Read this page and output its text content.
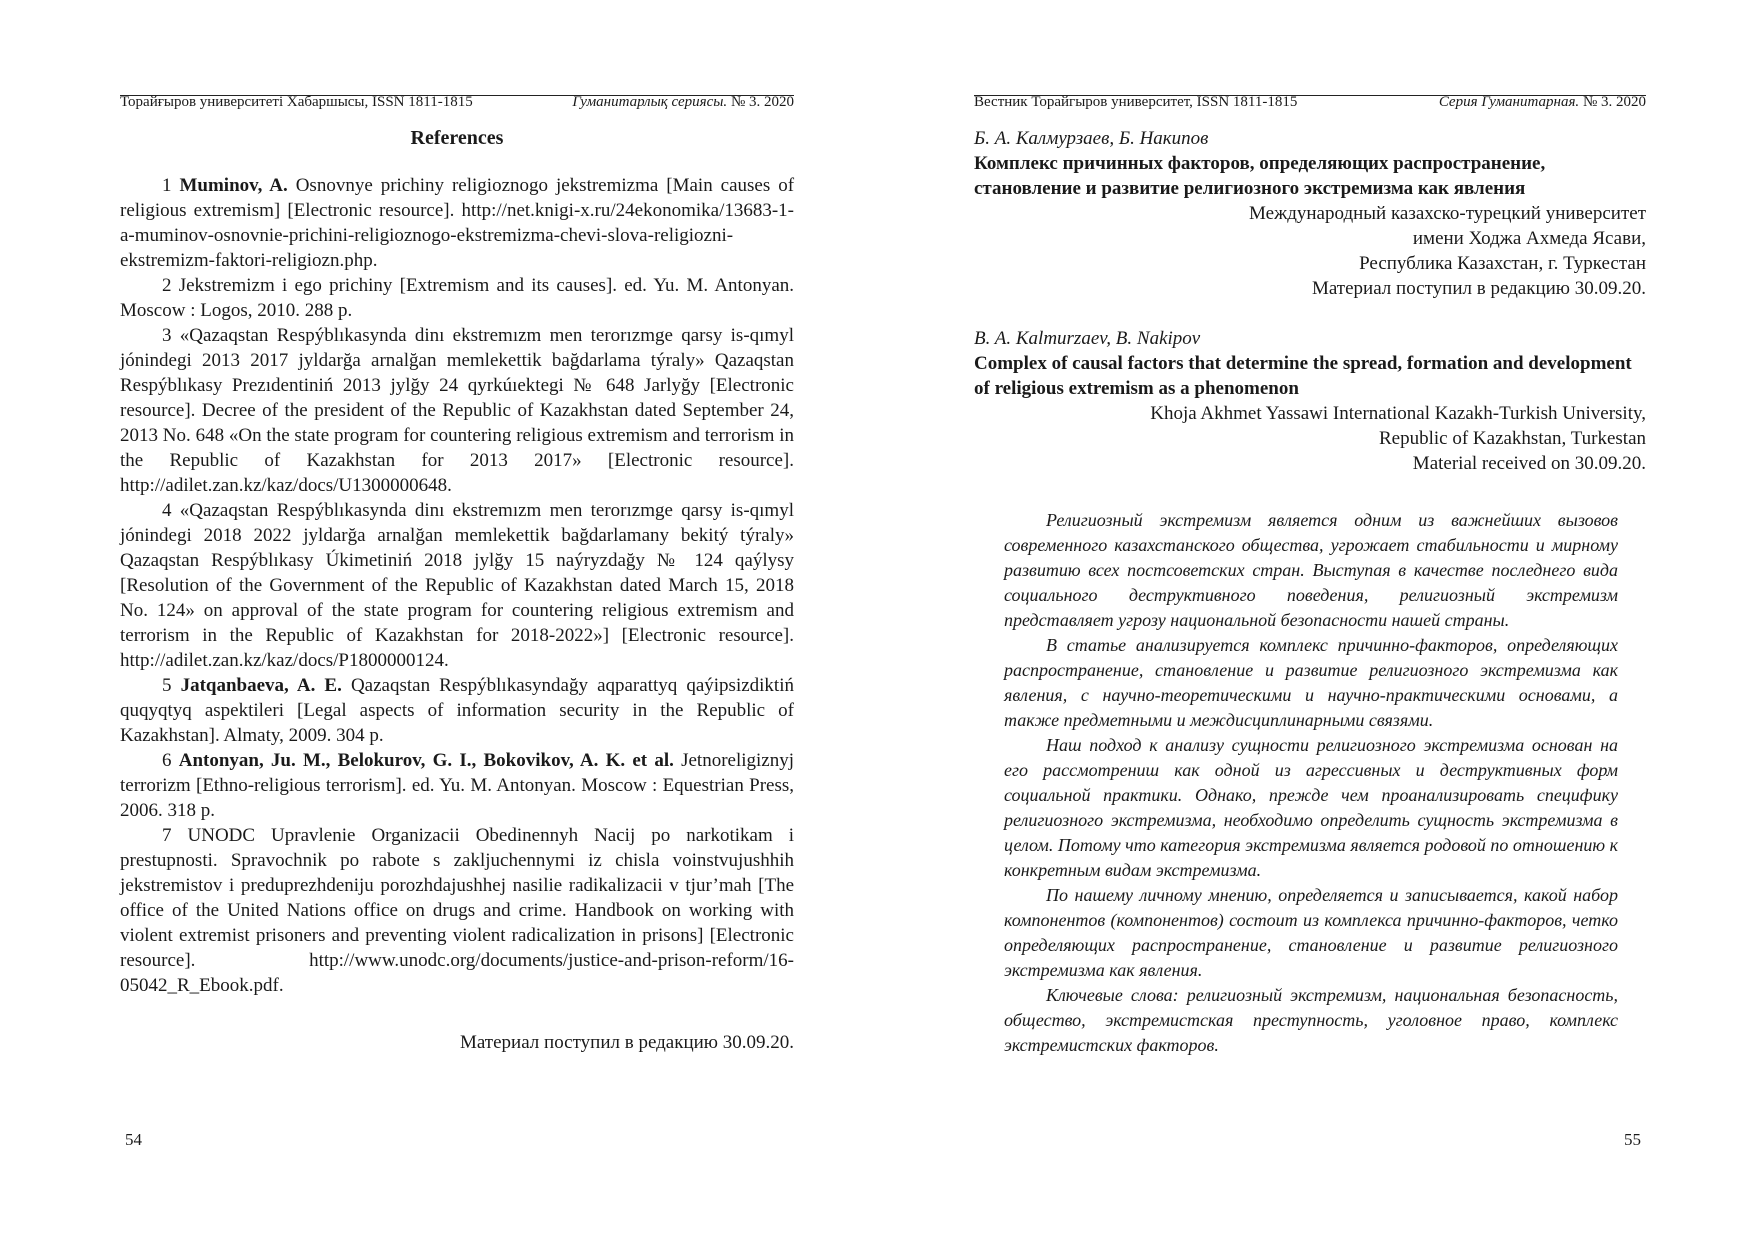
Торайғыров университетi Хабаршысы, ISSN 1811-1815	Гуманитарлық сериясы. № 3. 2020
References

1 Muminov, A. Osnovnye prichiny religioznogo jekstremizma [Main causes of religious extremism] [Electronic resource]. http://net.knigi-x.ru/24ekonomika/13683-1-a-muminov-osnovnie-prichini-religioznogo-ekstremizma-chevi-slova-religiozni-ekstremizm-faktori-religiozn.php.

2 Jekstremizm i ego prichiny [Extremism and its causes]. ed. Yu. M. Antonyan. Moscow : Logos, 2010. 288 p.

3 «Qazaqstan Respýblıkasynda dinı ekstremızm men terorızmge qarsy is-qımyl jónindegі 2013 2017 jyldarğa arnalğan memlekettik bağdarlama týraly» Qazaqstan Respýblıkasy Prezıdentiniń 2013 jylğy 24 qyrkúıektegі № 648 Jarlyğy [Electronic resource]. Decree of the president of the Republic of Kazakhstan dated September 24, 2013 No. 648 «On the state program for countering religious extremism and terrorism in the Republic of Kazakhstan for 2013 2017» [Electronic resource]. http://adilet.zan.kz/kaz/docs/U1300000648.

4 «Qazaqstan Respýblıkasynda dinı ekstremızm men terorızmge qarsy is-qımyl jónindegі 2018 2022 jyldarğa arnalğan memlekettik bağdarlamany bekitý týraly» Qazaqstan Respýblıkasy Úkimetiniń 2018 jylğy 15 naýryzdağy № 124 qaýlysy [Resolution of the Government of the Republic of Kazakhstan dated March 15, 2018 No. 124» on approval of the state program for countering religious extremism and terrorism in the Republic of Kazakhstan for 2018-2022»] [Electronic resource]. http://adilet.zan.kz/kaz/docs/P1800000124.

5 Jatqanbaeva, A. E. Qazaqstan Respýblıkasyndağy aqparattyq qaýipsizdiktiń quqyqtyq aspektileri [Legal aspects of information security in the Republic of Kazakhstan]. Almaty, 2009. 304 p.

6 Antonyan, Ju. M., Belokurov, G. I., Bokovikov, A. K. et al. Jetnoreligiznyj terrorizm [Ethno-religious terrorism]. ed. Yu. M. Antonyan. Moscow : Equestrian Press, 2006. 318 p.

7 UNODC Upravlenie Organizacii Obedinennyh Nacij po narkotikam i prestupnosti. Spravochnik po rabote s zakljuchennymi iz chisla voinstvujushhih jekstremistov i preduprezhdeniju porozhdajushhej nasilie radikalizacii v tjur’mah [The office of the United Nations office on drugs and crime. Handbook on working with violent extremist prisoners and preventing violent radicalization in prisons] [Electronic resource]. http://www.unodc.org/documents/justice-and-prison-reform/16-05042_R_Ebook.pdf.

Материал поступил в редакцию 30.09.20.

54
Вестник Торайгыров университет, ISSN 1811-1815	Серия Гуманитарная. № 3. 2020

Б. А. Калмурзаев, Б. Накипов

Комплекс причинных факторов, определяющих распространение, становление и развитие религиозного экстремизма как явления

Международный казахско-турецкий университет

имени Ходжа Ахмеда Ясави,

Республика Казахстан, г. Туркестан

Материал поступил в редакцию 30.09.20.

B. A. Kalmurzaev, B. Nakipov

Complex of causal factors that determine the spread, formation and development of religious extremism as a phenomenon

Khoja Akhmet Yassawi International Kazakh-Turkish University,

Republic of Kazakhstan, Turkestan

Material received on 30.09.20.

Религиозный экстремизм является одним из важнейших вызовов современного казахстанского общества, угрожает стабильности и мирному развитию всех постсоветских стран. Выступая в качестве последнего вида социального деструктивного поведения, религиозный экстремизм представляет угрозу национальной безопасности нашей страны.

В статье анализируется комплекс причинно-факторов, определяющих распространение, становление и развитие религиозного экстремизма как явления, с научно-теоретическими и научно-практическими основами, а также предметными и междисциплинарными связями.

Наш подход к анализу сущности религиозного экстремизма основан на его рассмотрениш как одной из агрессивных и деструктивных форм социальной практики. Однако, прежде чем проанализировать специфику религиозного экстремизма, необходимо определить сущность экстремизма в целом. Потому что категория экстремизма является родовой по отношению к конкретным видам экстремизма.

По нашему личному мнению, определяется и записывается, какой набор компонентов (компонентов) состоит из комплекса причинно-факторов, четко определяющих распространение, становление и развитие религиозного экстремизма как явления.

Ключевые слова: религиозный экстремизм, национальная безопасность, общество, экстремистская преступность, уголовное право, комплекс экстремистских факторов.

55
